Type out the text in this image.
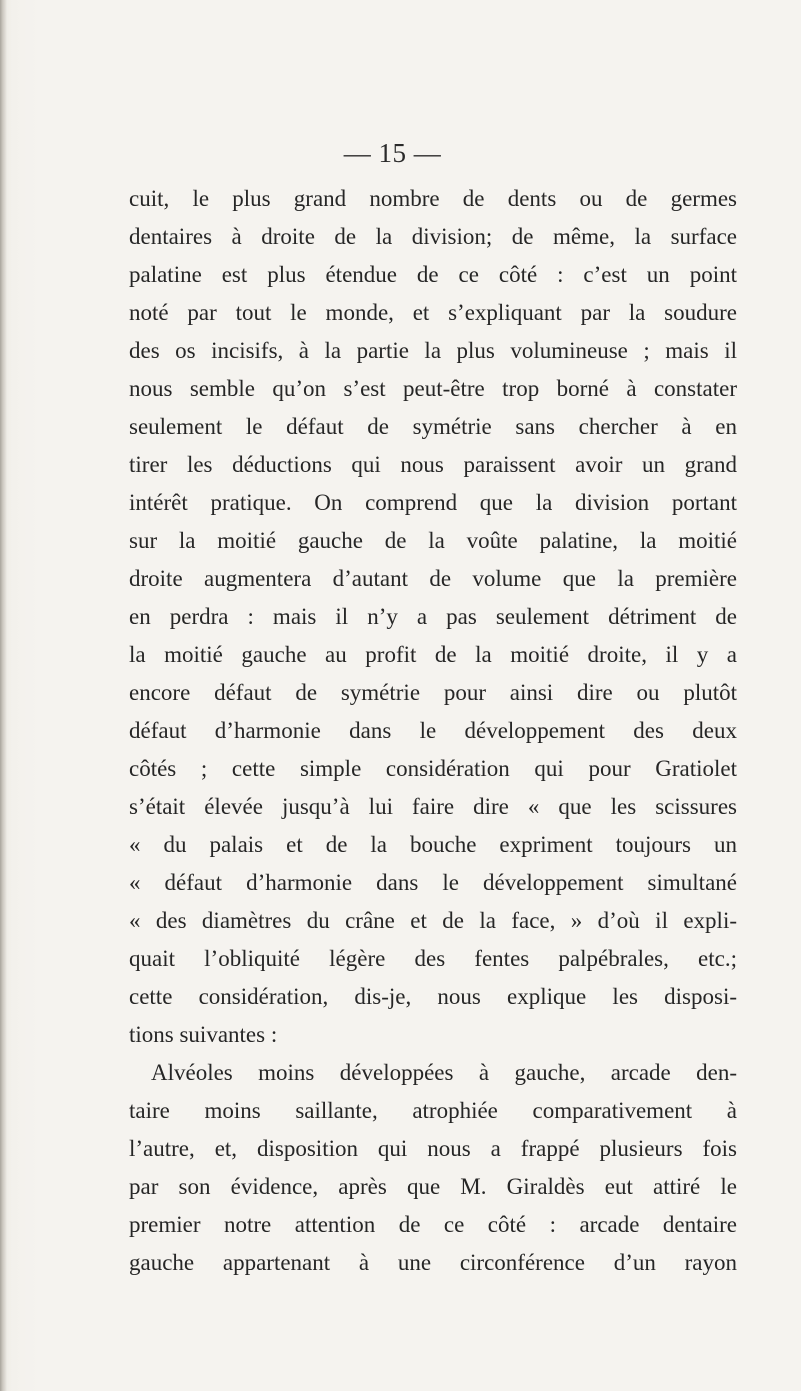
— 15 —
cuit, le plus grand nombre de dents ou de germes
dentaires à droite de la division; de même, la surface
palatine est plus étendue de ce côté : c’est un point
noté par tout le monde, et s’expliquant par la soudure
des os incisifs, à la partie la plus volumineuse ; mais il
nous semble qu’on s’est peut-être trop borné à constater
seulement le défaut de symétrie sans chercher à en
tirer les déductions qui nous paraissent avoir un grand
intérêt pratique. On comprend que la division portant
sur la moitié gauche de la voûte palatine, la moitié
droite augmentera d’autant de volume que la première
en perdra : mais il n’y a pas seulement détriment de
la moitié gauche au profit de la moitié droite, il y a
encore défaut de symétrie pour ainsi dire ou plutôt
défaut d’harmonie dans le développement des deux
côtés ; cette simple considération qui pour Gratiolet
s’était élevée jusqu’à lui faire dire « que les scissures
« du palais et de la bouche expriment toujours un
« défaut d’harmonie dans le développement simultané
« des diamètres du crâne et de la face, » d’où il expli-
quait l’obliquité légère des fentes palpébrales, etc.;
cette considération, dis-je, nous explique les disposi-
tions suivantes :
Alvéoles moins développées à gauche, arcade den-
taire moins saillante, atrophiée comparativement à
l’autre, et, disposition qui nous a frappé plusieurs fois
par son évidence, après que M. Giraldès eut attiré le
premier notre attention de ce côté : arcade dentaire
gauche appartenant à une circonférence d’un rayon
